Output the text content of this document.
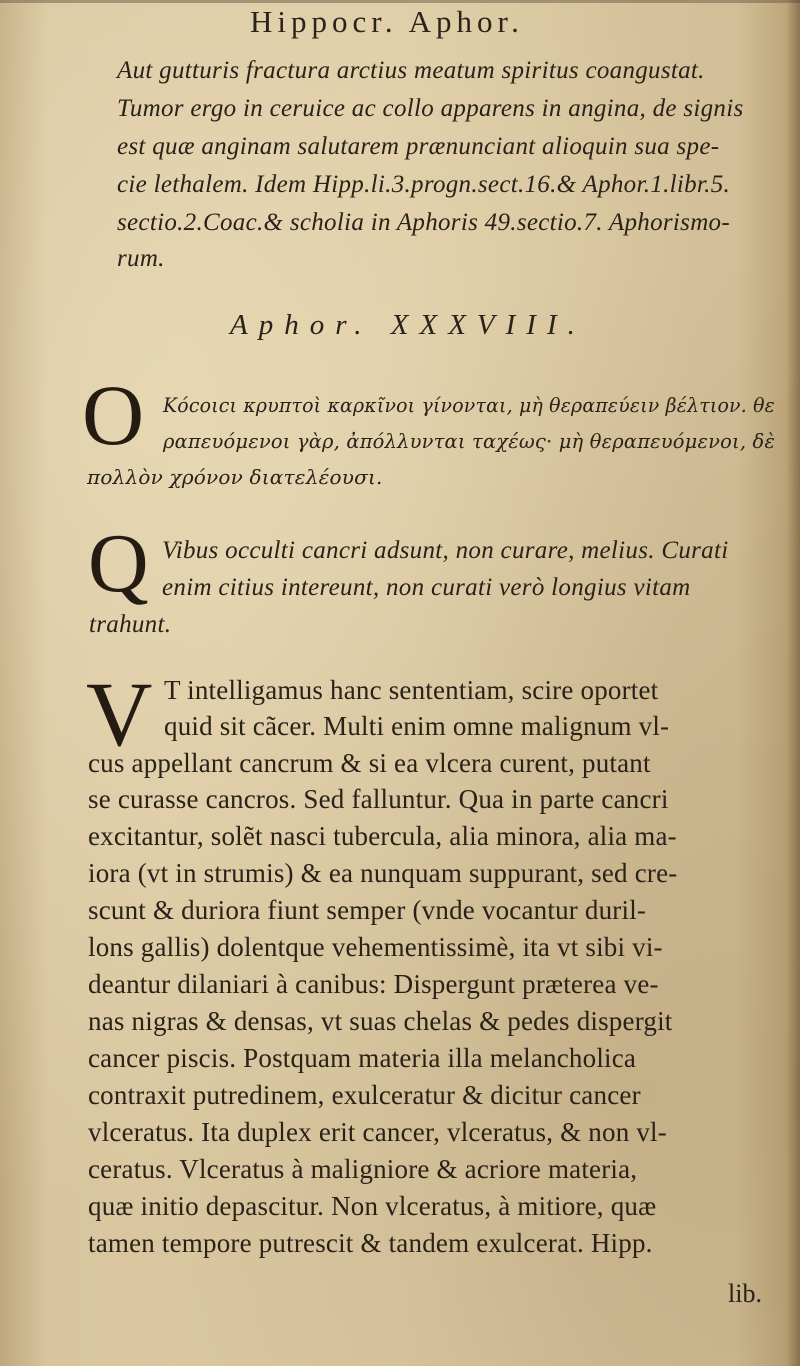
Hippocr. Aphor.
Aut gutturis fractura arctius meatum spiritus coangustat.
Tumor ergo in ceruice ac collo apparens in angina, de signis
est quæ anginam salutarem prænunciant alioquin sua spe-
cie lethalem. Idem Hipp.li.3.progn.sect.16.& Aphor.1.libr.5.
sectio.2.Coac.& scholia in Aphoris 49.sectio.7. Aphorismo-
rum.
Aphor. XXXVIII.
O Κόϲοιϲι κρυπτοὶ καρκῖνοι γίνονται, μὴ θεραπεύειν βέλτιον. θε
ραπευόμενοι γὰρ, ἀπόλλυνται ταχέως· μὴ θεραπευόμενοι, δὲ
πολλὸν χρόνον διατελέουσι.
Q Vibus occulti cancri adsunt, non curare, melius. Curati
enim citius intereunt, non curati verò longius vitam
trahunt.
V T intelligamus hanc sententiam, scire oportet
quid sit cãcer. Multi enim omne malignum vl-
cus appellant cancrum & si ea vlcera curent, putant
se curasse cancros. Sed falluntur. Qua in parte cancri
excitantur, solẽt nasci tubercula, alia minora, alia ma-
iora (vt in strumis) & ea nunquam suppurant, sed cre-
scunt & duriora fiunt semper (vnde vocantur duril-
lons gallis) dolentque vehementissimè, ita vt sibi vi-
deantur dilaniari à canibus: Dispergunt præterea ve-
nas nigras & densas, vt suas chelas & pedes dispergit
cancer piscis. Postquam materia illa melancholica
contraxit putredinem, exulceratur & dicitur cancer
vlceratus. Ita duplex erit cancer, vlceratus, & non vl-
ceratus. Vlceratus à maligniore & acriore materia,
quæ initio depascitur. Non vlceratus, à mitiore, quæ
tamen tempore putrescit & tandem exulcerat. Hipp.
lib.
